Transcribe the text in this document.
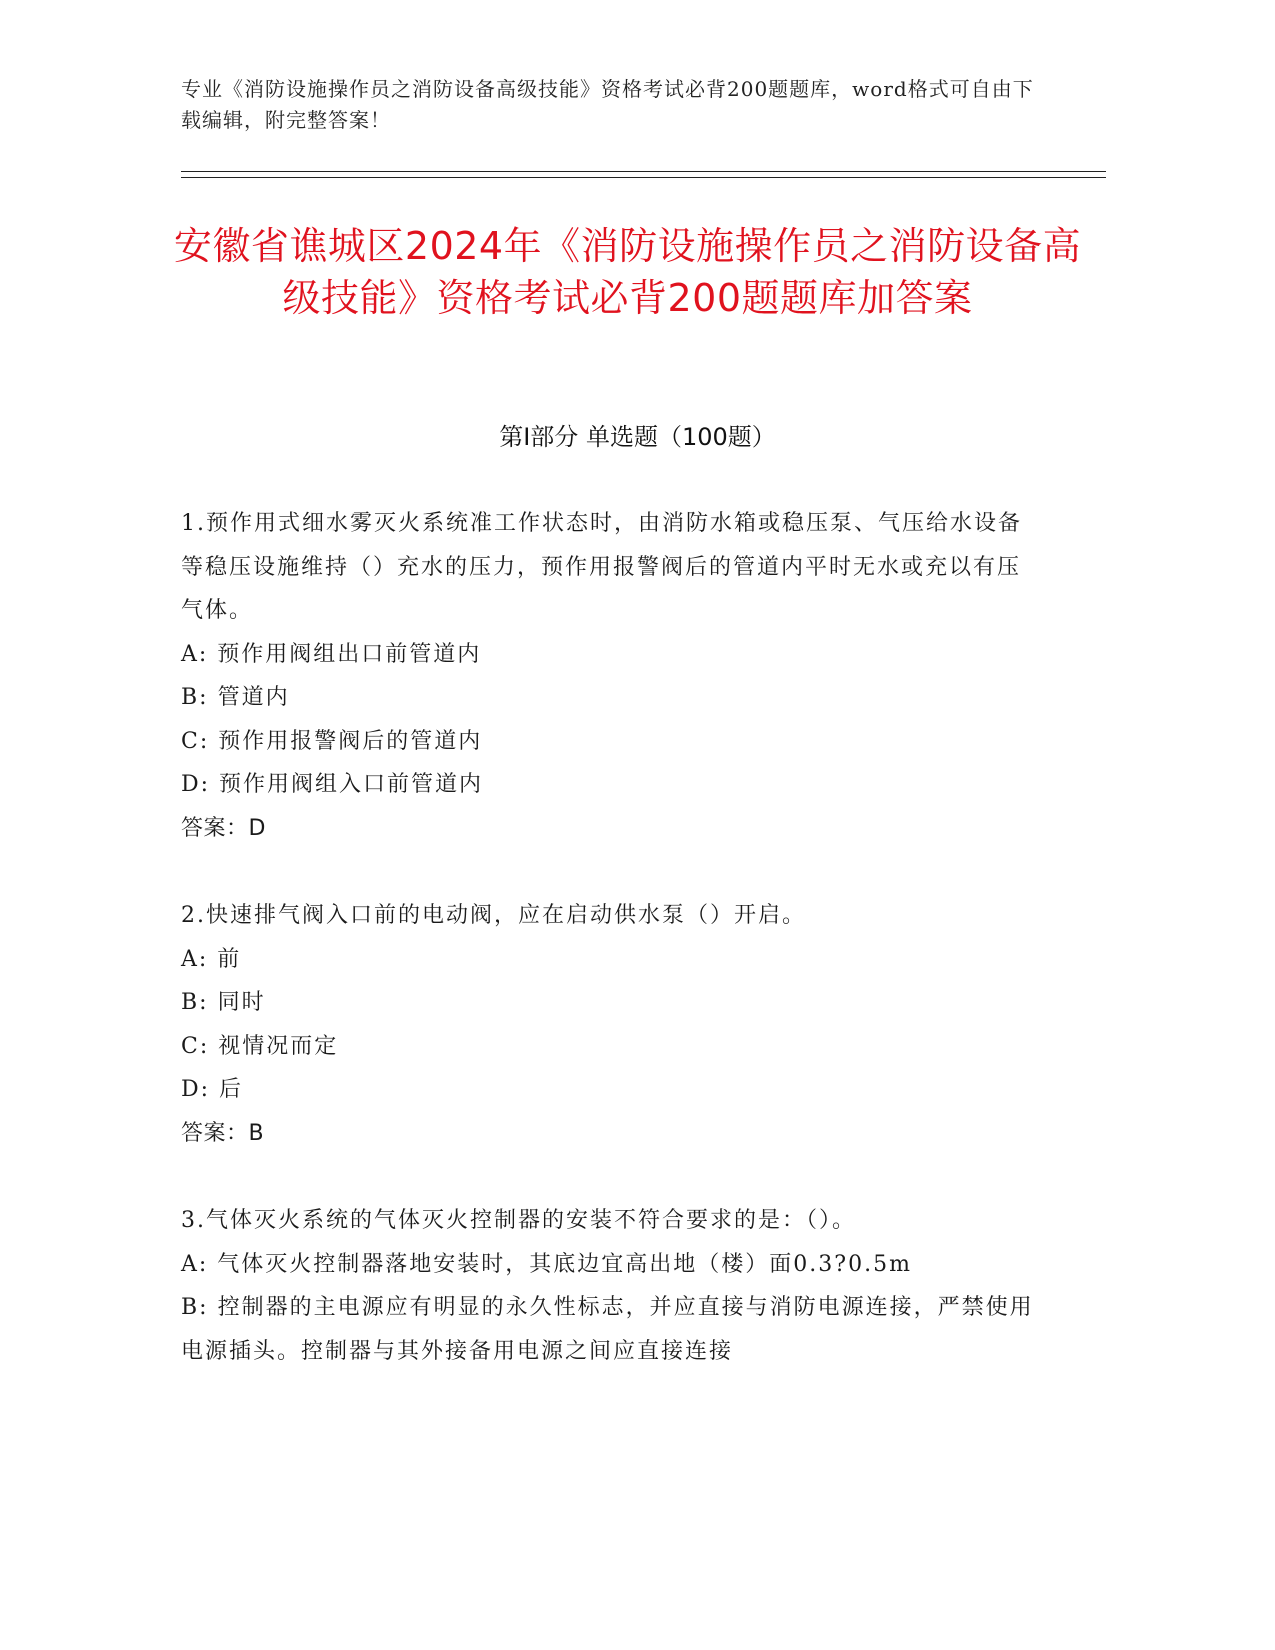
专业《消防设施操作员之消防设备高级技能》资格考试必背200题题库，word格式可自由下载编辑，附完整答案！
安徽省谯城区2024年《消防设施操作员之消防设备高级技能》资格考试必背200题题库加答案
第I部分 单选题（100题）
1.预作用式细水雾灭火系统准工作状态时，由消防水箱或稳压泵、气压给水设备等稳压设施维持（）充水的压力，预作用报警阀后的管道内平时无水或充以有压气体。
A: 预作用阀组出口前管道内
B: 管道内
C: 预作用报警阀后的管道内
D: 预作用阀组入口前管道内
答案：D
2.快速排气阀入口前的电动阀，应在启动供水泵（）开启。
A: 前
B: 同时
C: 视情况而定
D: 后
答案：B
3.气体灭火系统的气体灭火控制器的安装不符合要求的是：（）。
A: 气体灭火控制器落地安装时，其底边宜高出地（楼）面0.3?0.5m
B: 控制器的主电源应有明显的永久性标志，并应直接与消防电源连接，严禁使用电源插头。控制器与其外接备用电源之间应直接连接
